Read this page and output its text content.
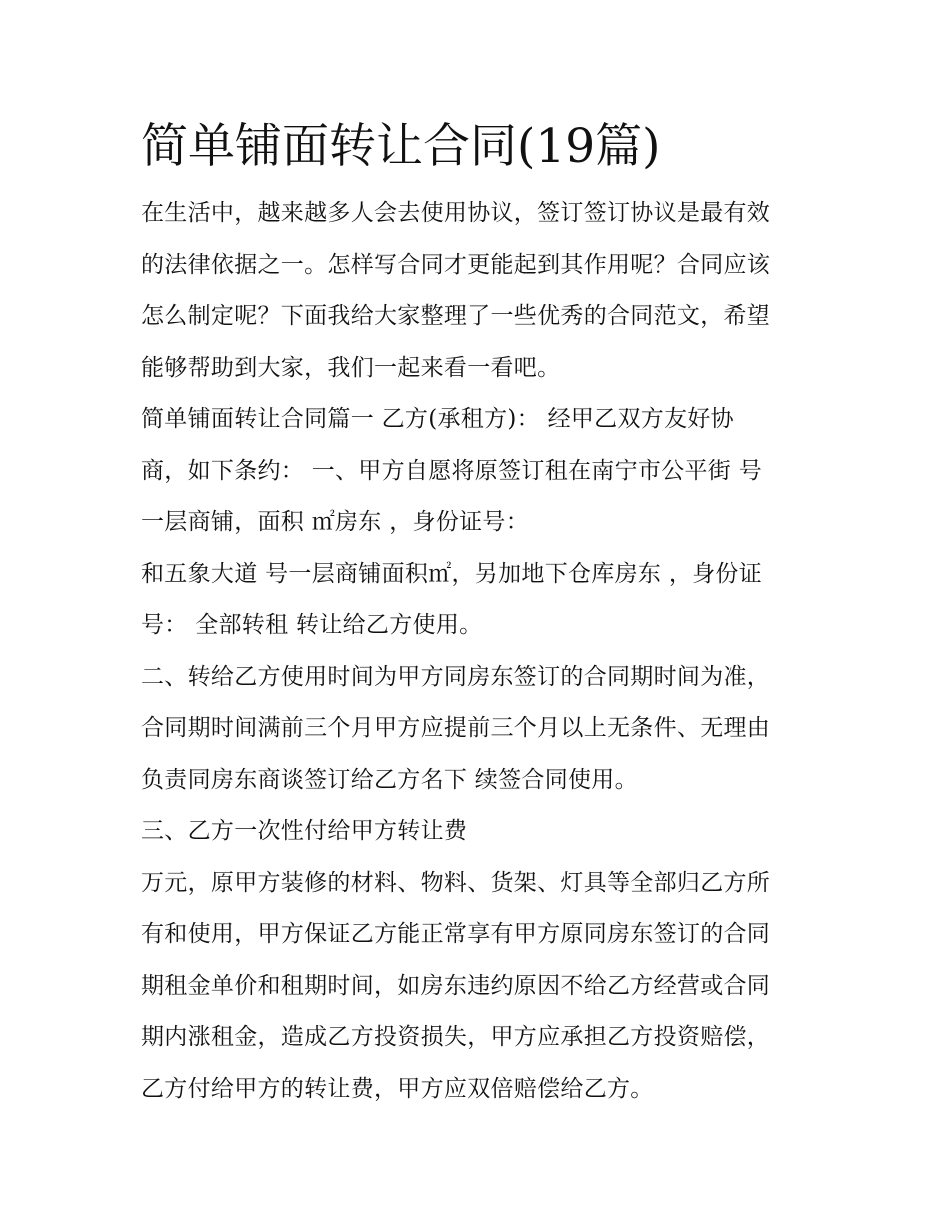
简单铺面转让合同(19篇)
在生活中，越来越多人会去使用协议，签订签订协议是最有效
的法律依据之一。怎样写合同才更能起到其作用呢？合同应该
怎么制定呢？下面我给大家整理了一些优秀的合同范文，希望
能够帮助到大家，我们一起来看一看吧。
简单铺面转让合同篇一 乙方(承租方)： 经甲乙双方友好协
商，如下条约： 一、甲方自愿将原签订租在南宁市公平街 号
一层商铺，面积 ㎡房东 ，身份证号：
和五象大道 号一层商铺面积㎡，另加地下仓库房东 ，身份证
号： 全部转租 转让给乙方使用。
二、转给乙方使用时间为甲方同房东签订的合同期时间为准，
合同期时间满前三个月甲方应提前三个月以上无条件、无理由
负责同房东商谈签订给乙方名下 续签合同使用。
三、乙方一次性付给甲方转让费
万元，原甲方装修的材料、物料、货架、灯具等全部归乙方所
有和使用，甲方保证乙方能正常享有甲方原同房东签订的合同
期租金单价和租期时间，如房东违约原因不给乙方经营或合同
期内涨租金，造成乙方投资损失，甲方应承担乙方投资赔偿，
乙方付给甲方的转让费，甲方应双倍赔偿给乙方。
